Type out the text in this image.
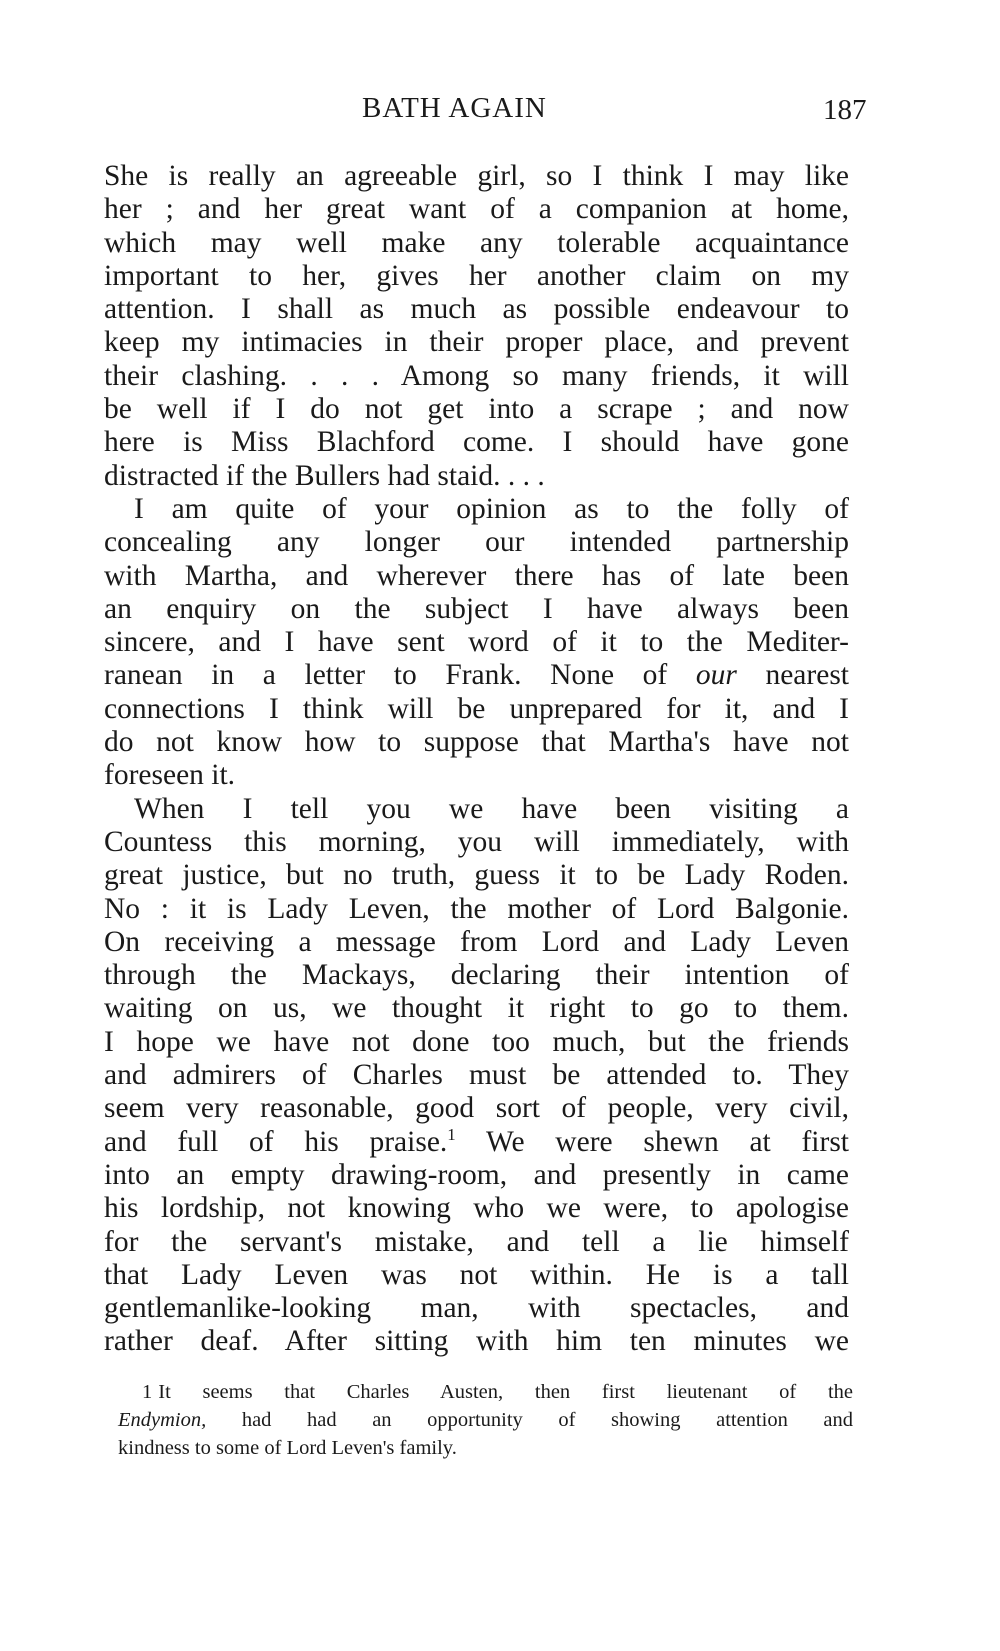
BATH AGAIN	187
She is really an agreeable girl, so I think I may like
her ; and her great want of a companion at home,
which may well make any tolerable acquaintance
important to her, gives her another claim on my
attention. I shall as much as possible endeavour to
keep my intimacies in their proper place, and prevent
their clashing. . . . Among so many friends, it will
be well if I do not get into a scrape ; and now
here is Miss Blachford come. I should have gone
distracted if the Bullers had staid. . . .
I am quite of your opinion as to the folly of
concealing any longer our intended partnership
with Martha, and wherever there has of late been
an enquiry on the subject I have always been
sincere, and I have sent word of it to the Mediter-
ranean in a letter to Frank. None of our nearest
connections I think will be unprepared for it, and I
do not know how to suppose that Martha's have not
foreseen it.
When I tell you we have been visiting a
Countess this morning, you will immediately, with
great justice, but no truth, guess it to be Lady Roden.
No : it is Lady Leven, the mother of Lord Balgonie.
On receiving a message from Lord and Lady Leven
through the Mackays, declaring their intention of
waiting on us, we thought it right to go to them.
I hope we have not done too much, but the friends
and admirers of Charles must be attended to. They
seem very reasonable, good sort of people, very civil,
and full of his praise.$^1$ We were shewn at first
into an empty drawing-room, and presently in came
his lordship, not knowing who we were, to apologise
for the servant's mistake, and tell a lie himself
that Lady Leven was not within. He is a tall
gentlemanlike-looking man, with spectacles, and
rather deaf. After sitting with him ten minutes we
1 It seems that Charles Austen, then first lieutenant of the
Endymion, had had an opportunity of showing attention and
kindness to some of Lord Leven's family.
